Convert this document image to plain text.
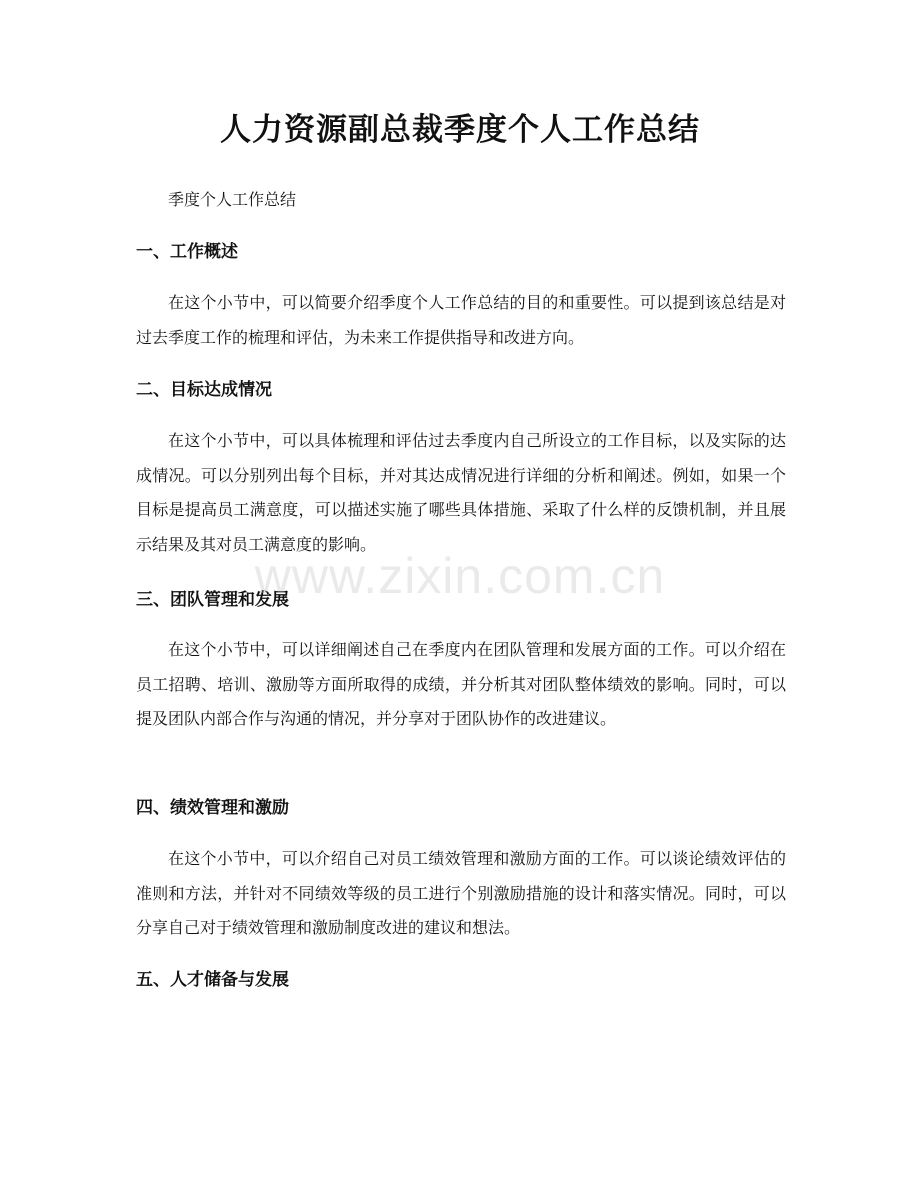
人力资源副总裁季度个人工作总结

季度个人工作总结

一、工作概述

在这个小节中，可以简要介绍季度个人工作总结的目的和重要性。可以提到该总结是对过去季度工作的梳理和评估，为未来工作提供指导和改进方向。

二、目标达成情况

在这个小节中，可以具体梳理和评估过去季度内自己所设立的工作目标，以及实际的达成情况。可以分别列出每个目标，并对其达成情况进行详细的分析和阐述。例如，如果一个目标是提高员工满意度，可以描述实施了哪些具体措施、采取了什么样的反馈机制，并且展示结果及其对员工满意度的影响。

三、团队管理和发展

在这个小节中，可以详细阐述自己在季度内在团队管理和发展方面的工作。可以介绍在员工招聘、培训、激励等方面所取得的成绩，并分析其对团队整体绩效的影响。同时，可以提及团队内部合作与沟通的情况，并分享对于团队协作的改进建议。

四、绩效管理和激励

在这个小节中，可以介绍自己对员工绩效管理和激励方面的工作。可以谈论绩效评估的准则和方法，并针对不同绩效等级的员工进行个别激励措施的设计和落实情况。同时，可以分享自己对于绩效管理和激励制度改进的建议和想法。

五、人才储备与发展
www.zixin.com.cn
